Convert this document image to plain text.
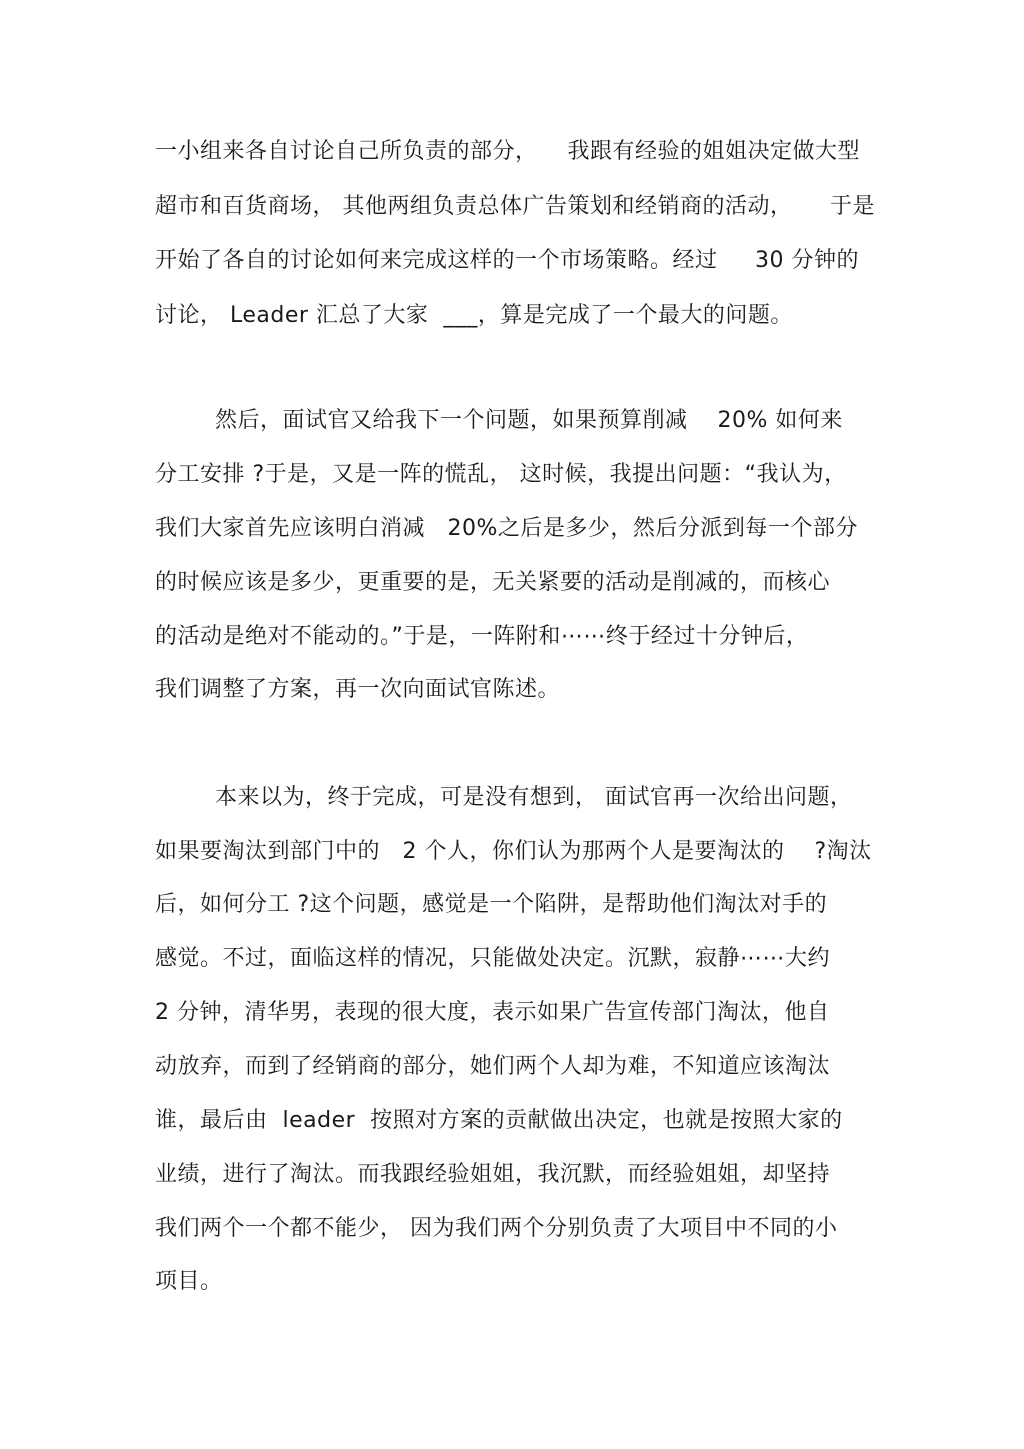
一小组来各自讨论自己所负责的部分，    我跟有经验的姐姐决定做大型
超市和百货商场， 其他两组负责总体广告策划和经销商的活动，     于是
开始了各自的讨论如何来完成这样的一个市场策略。经过     30 分钟的
讨论， Leader 汇总了大家  ___，算是完成了一个最大的问题。
然后，面试官又给我下一个问题，如果预算削减    20% 如何来
分工安排 ?于是，又是一阵的慌乱， 这时候，我提出问题：“我认为，
我们大家首先应该明白消减   20%之后是多少，然后分派到每一个部分
的时候应该是多少，更重要的是，无关紧要的活动是削减的，而核心
的活动是绝对不能动的。”于是，一阵附和⋯⋯终于经过十分钟后，
我们调整了方案，再一次向面试官陈述。
本来以为，终于完成，可是没有想到， 面试官再一次给出问题，
如果要淘汰到部门中的   2 个人，你们认为那两个人是要淘汰的    ?淘汰
后，如何分工 ?这个问题，感觉是一个陷阱，是帮助他们淘汰对手的
感觉。不过，面临这样的情况，只能做处决定。沉默，寂静⋯⋯大约
2 分钟，清华男，表现的很大度，表示如果广告宣传部门淘汰，他自
动放弃，而到了经销商的部分，她们两个人却为难，不知道应该淘汰
谁，最后由  leader  按照对方案的贡献做出决定，也就是按照大家的
业绩，进行了淘汰。而我跟经验姐姐，我沉默，而经验姐姐，却坚持
我们两个一个都不能少， 因为我们两个分别负责了大项目中不同的小
项目。
